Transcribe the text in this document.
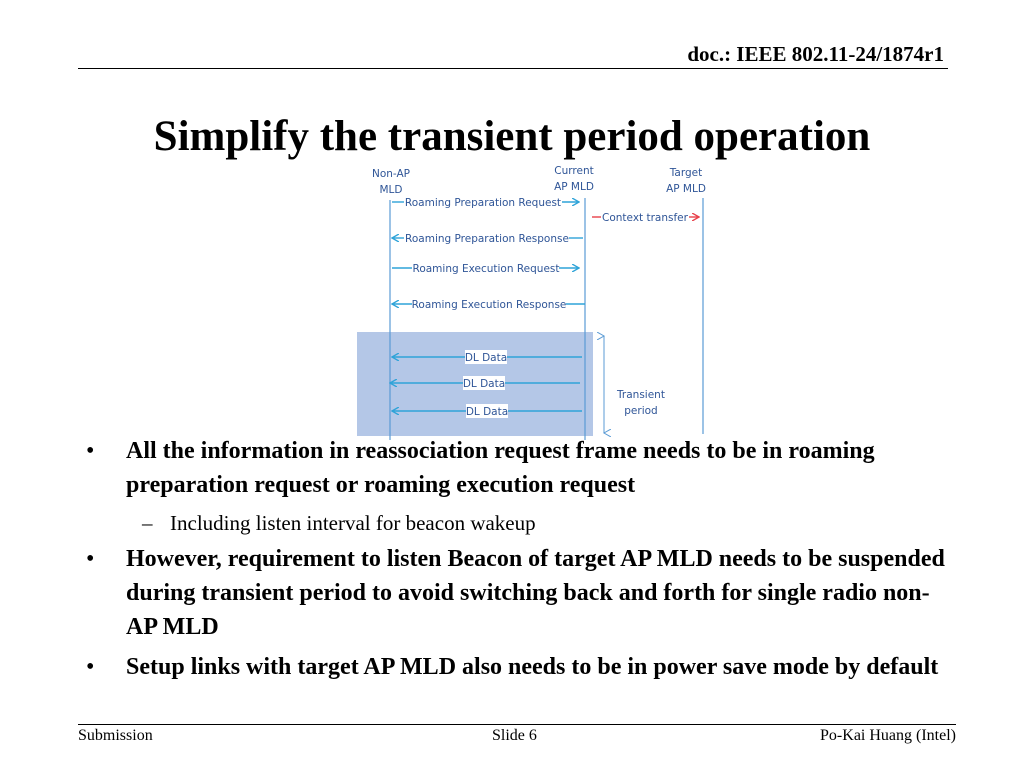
doc.: IEEE 802.11-24/1874r1
Simplify the transient period operation
Non-AP
MLD
Current
AP MLD
Target
AP MLD
Roaming Preparation Request
Context transfer
Roaming Preparation Response
Roaming Execution Request
Roaming Execution Response
DL Data
DL Data
DL Data
Transient
period
• All the information in reassociation request frame needs to be in roaming preparation request or roaming execution request
– Including listen interval for beacon wakeup
• However, requirement to listen Beacon of target AP MLD needs to be suspended during transient period to avoid switching back and forth for single radio non-AP MLD
• Setup links with target AP MLD also needs to be in power save mode by default
Submission	Slide 6	Po-Kai Huang (Intel)
